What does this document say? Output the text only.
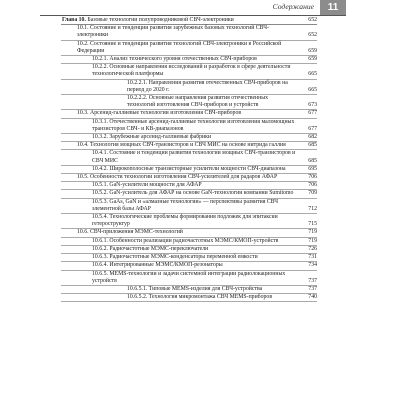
Содержание	11
Глава 10. Базовые технологии полупроводниковой СВЧ-электроники	652
10.1. Состояние и тенденции развития зарубежных базовых технологий СВЧ-электроники	652
10.2. Состояние и тенденции развития технологий СВЧ-электроники в Российской Федерации	659
10.2.1. Анализ технического уровня отечественных СВЧ-приборов	659
10.2.2. Основные направления исследований и разработок в сфере деятельности технологической платформы	665
10.2.2.1. Направления развития отечественных СВЧ-приборов на период до 2020 г.	665
10.2.2.2. Основные направления развития отечественных технологий изготовления СВЧ-приборов и устройств	673
10.3. Арсенид-галлиевые технологии изготовления СВЧ-приборов	677
10.3.1. Отечественные арсенид-галлиевые технологии изготовления маломощных транзисторов СВЧ- и КВ-диапазонов	677
10.3.2. Зарубежные арсенид-галлиевые фабрики	682
10.4. Технология мощных СВЧ-транзисторов и СВЧ МИС на основе нитрида галлия	685
10.4.1. Состояние и тенденции развития технологии мощных СВЧ-транзисторов и СВЧ МИС	685
10.4.2. Широкополосные транзисторные усилители мощности СВЧ-диапазона	695
10.5. Особенности технологии изготовления СВЧ-усилителей для радаров АФАР	706
10.5.1. GaN-усилители мощности для АФАР	706
10.5.2. GaN-усилитель для АФАР на основе GaN-технологии компании Sumitomo	709
10.5.3. GaAs, GaN и «алмазные технологии» — перспективы развития СВЧ элементной базы АФАР	712
10.5.4. Технологические проблемы формирования подложек для эпитаксии гетероструктур	715
10.6. СВЧ-приложения МЭМС-технологий	719
10.6.1. Особенности реализации радиочастотных МЭМС/КМОП-устройств	719
10.6.2. Радиочастотные МЭМС-переключатели	726
10.6.3. Радиочастотные МЭМС-конденсаторы переменной емкости	731
10.6.4. Интегрированные МЭМС/КМОП-резонаторы	734
10.6.5. MEMS-технологии и задачи системной интеграции радиолокационных устройств	737
10.6.5.1. Типовые MEMS-изделия для СВЧ-устройства	737
10.6.5.2. Технология микромонтажа СВЧ MEMS-приборов	740
